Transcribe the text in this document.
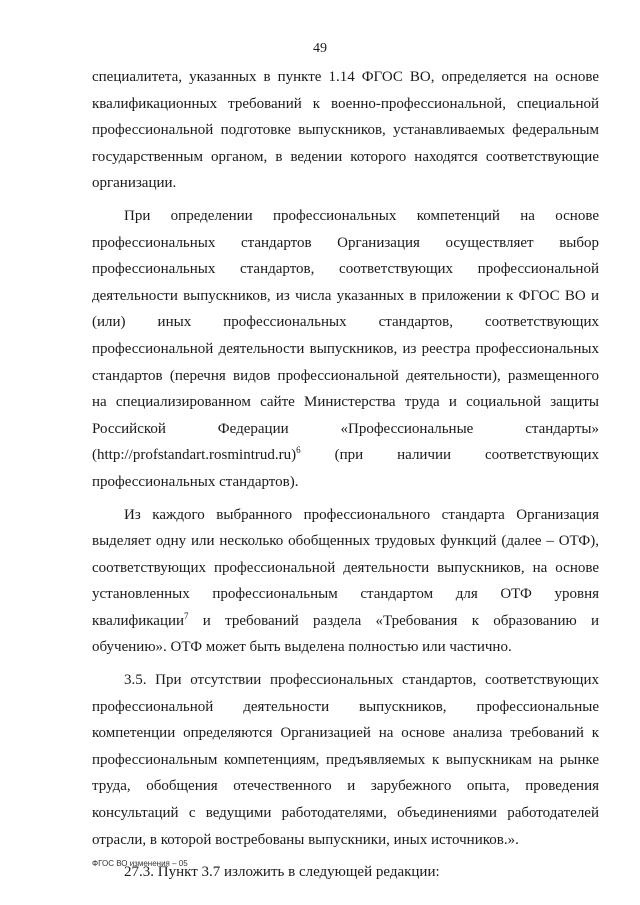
49

специалитета, указанных в пункте 1.14 ФГОС ВО, определяется на основе квалификационных требований к военно-профессиональной, специальной профессиональной подготовке выпускников, устанавливаемых федеральным государственным органом, в ведении которого находятся соответствующие организации.

При определении профессиональных компетенций на основе профессиональных стандартов Организация осуществляет выбор профессиональных стандартов, соответствующих профессиональной деятельности выпускников, из числа указанных в приложении к ФГОС ВО и (или) иных профессиональных стандартов, соответствующих профессиональной деятельности выпускников, из реестра профессиональных стандартов (перечня видов профессиональной деятельности), размещенного на специализированном сайте Министерства труда и социальной защиты Российской Федерации «Профессиональные стандарты» (http://profstandart.rosmintrud.ru)$^6$ (при наличии соответствующих профессиональных стандартов).

Из каждого выбранного профессионального стандарта Организация выделяет одну или несколько обобщенных трудовых функций (далее – ОТФ), соответствующих профессиональной деятельности выпускников, на основе установленных профессиональным стандартом для ОТФ уровня квалификации$^7$ и требований раздела «Требования к образованию и обучению». ОТФ может быть выделена полностью или частично.

3.5. При отсутствии профессиональных стандартов, соответствующих профессиональной деятельности выпускников, профессиональные компетенции определяются Организацией на основе анализа требований к профессиональным компетенциям, предъявляемых к выпускникам на рынке труда, обобщения отечественного и зарубежного опыта, проведения консультаций с ведущими работодателями, объединениями работодателей отрасли, в которой востребованы выпускники, иных источников.».

27.3. Пункт 3.7 изложить в следующей редакции:

ФГОС ВО изменения – 05
